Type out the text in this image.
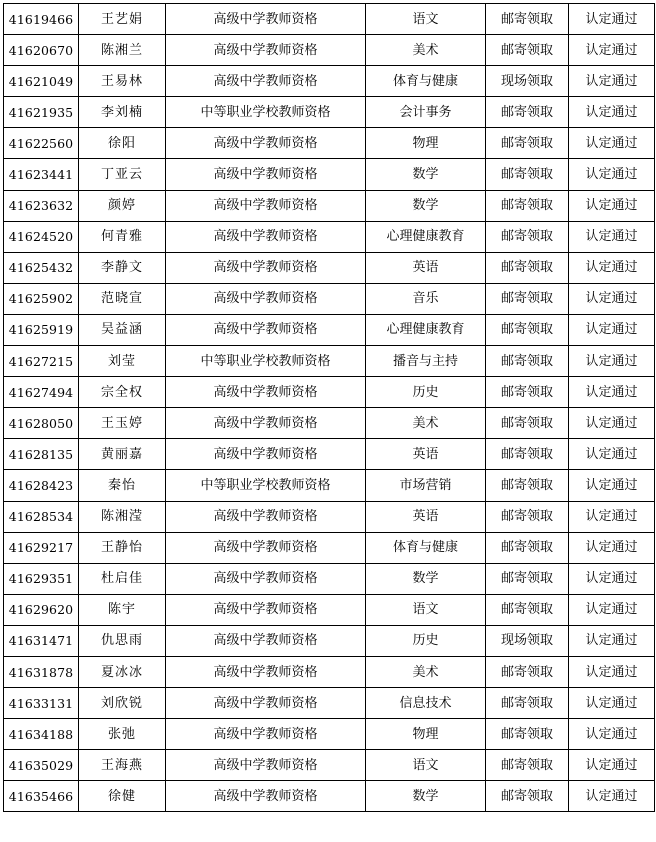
41619466	王艺娟	高级中学教师资格	语文	邮寄领取	认定通过
41620670	陈湘兰	高级中学教师资格	美术	邮寄领取	认定通过
41621049	王易林	高级中学教师资格	体育与健康	现场领取	认定通过
41621935	李刘楠	中等职业学校教师资格	会计事务	邮寄领取	认定通过
41622560	徐阳	高级中学教师资格	物理	邮寄领取	认定通过
41623441	丁亚云	高级中学教师资格	数学	邮寄领取	认定通过
41623632	颜婷	高级中学教师资格	数学	邮寄领取	认定通过
41624520	何青雅	高级中学教师资格	心理健康教育	邮寄领取	认定通过
41625432	李静文	高级中学教师资格	英语	邮寄领取	认定通过
41625902	范晓宣	高级中学教师资格	音乐	邮寄领取	认定通过
41625919	吴益涵	高级中学教师资格	心理健康教育	邮寄领取	认定通过
41627215	刘莹	中等职业学校教师资格	播音与主持	邮寄领取	认定通过
41627494	宗全权	高级中学教师资格	历史	邮寄领取	认定通过
41628050	王玉婷	高级中学教师资格	美术	邮寄领取	认定通过
41628135	黄丽嘉	高级中学教师资格	英语	邮寄领取	认定通过
41628423	秦怡	中等职业学校教师资格	市场营销	邮寄领取	认定通过
41628534	陈湘滢	高级中学教师资格	英语	邮寄领取	认定通过
41629217	王静怡	高级中学教师资格	体育与健康	邮寄领取	认定通过
41629351	杜启佳	高级中学教师资格	数学	邮寄领取	认定通过
41629620	陈宇	高级中学教师资格	语文	邮寄领取	认定通过
41631471	仇思雨	高级中学教师资格	历史	现场领取	认定通过
41631878	夏冰冰	高级中学教师资格	美术	邮寄领取	认定通过
41633131	刘欣锐	高级中学教师资格	信息技术	邮寄领取	认定通过
41634188	张弛	高级中学教师资格	物理	邮寄领取	认定通过
41635029	王海燕	高级中学教师资格	语文	邮寄领取	认定通过
41635466	徐健	高级中学教师资格	数学	邮寄领取	认定通过
